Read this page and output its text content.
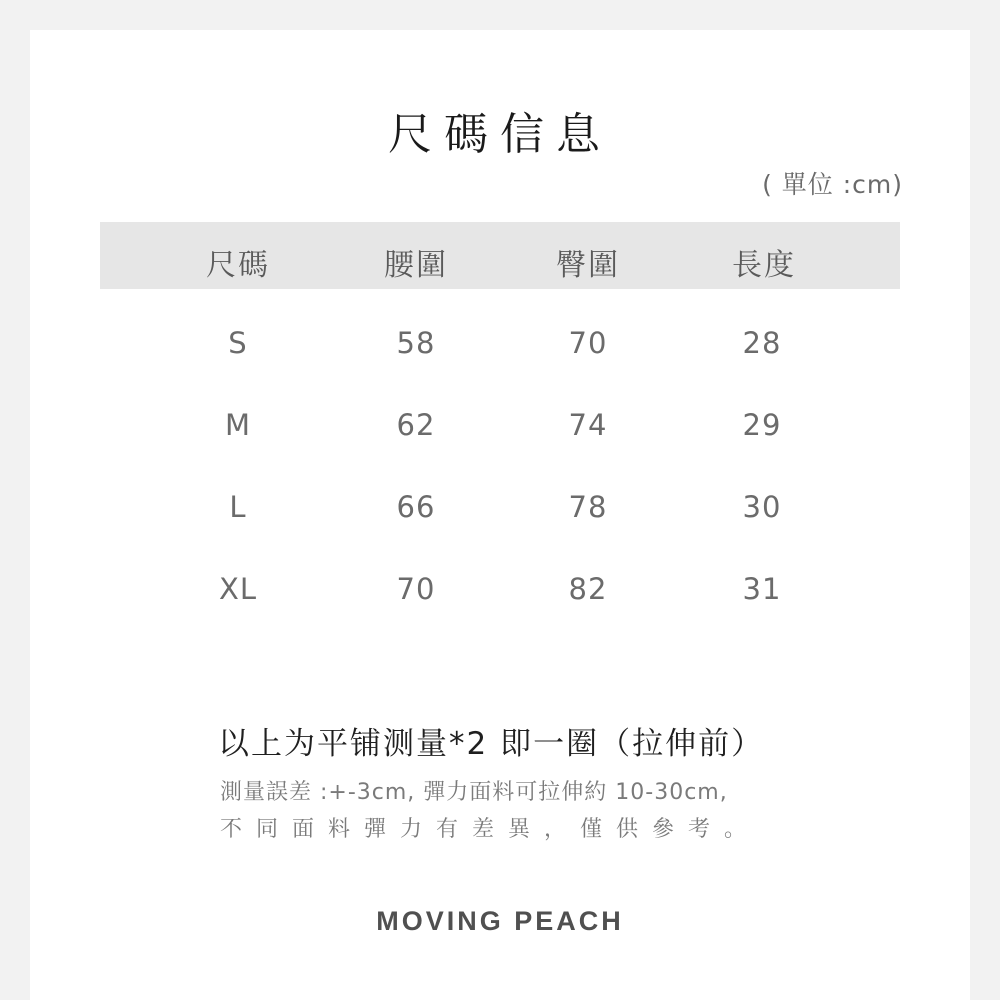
尺碼信息
( 單位 :cm)
尺碼	腰圍	臀圍	長度
S	58	70	28
M	62	74	29
L	66	78	30
XL	70	82	31
以上为平铺测量*2 即一圈（拉伸前）
測量誤差 :+-3cm, 彈力面料可拉伸約 10-30cm,
不同面料彈力有差異，僅供參考。
MOVING PEACH
